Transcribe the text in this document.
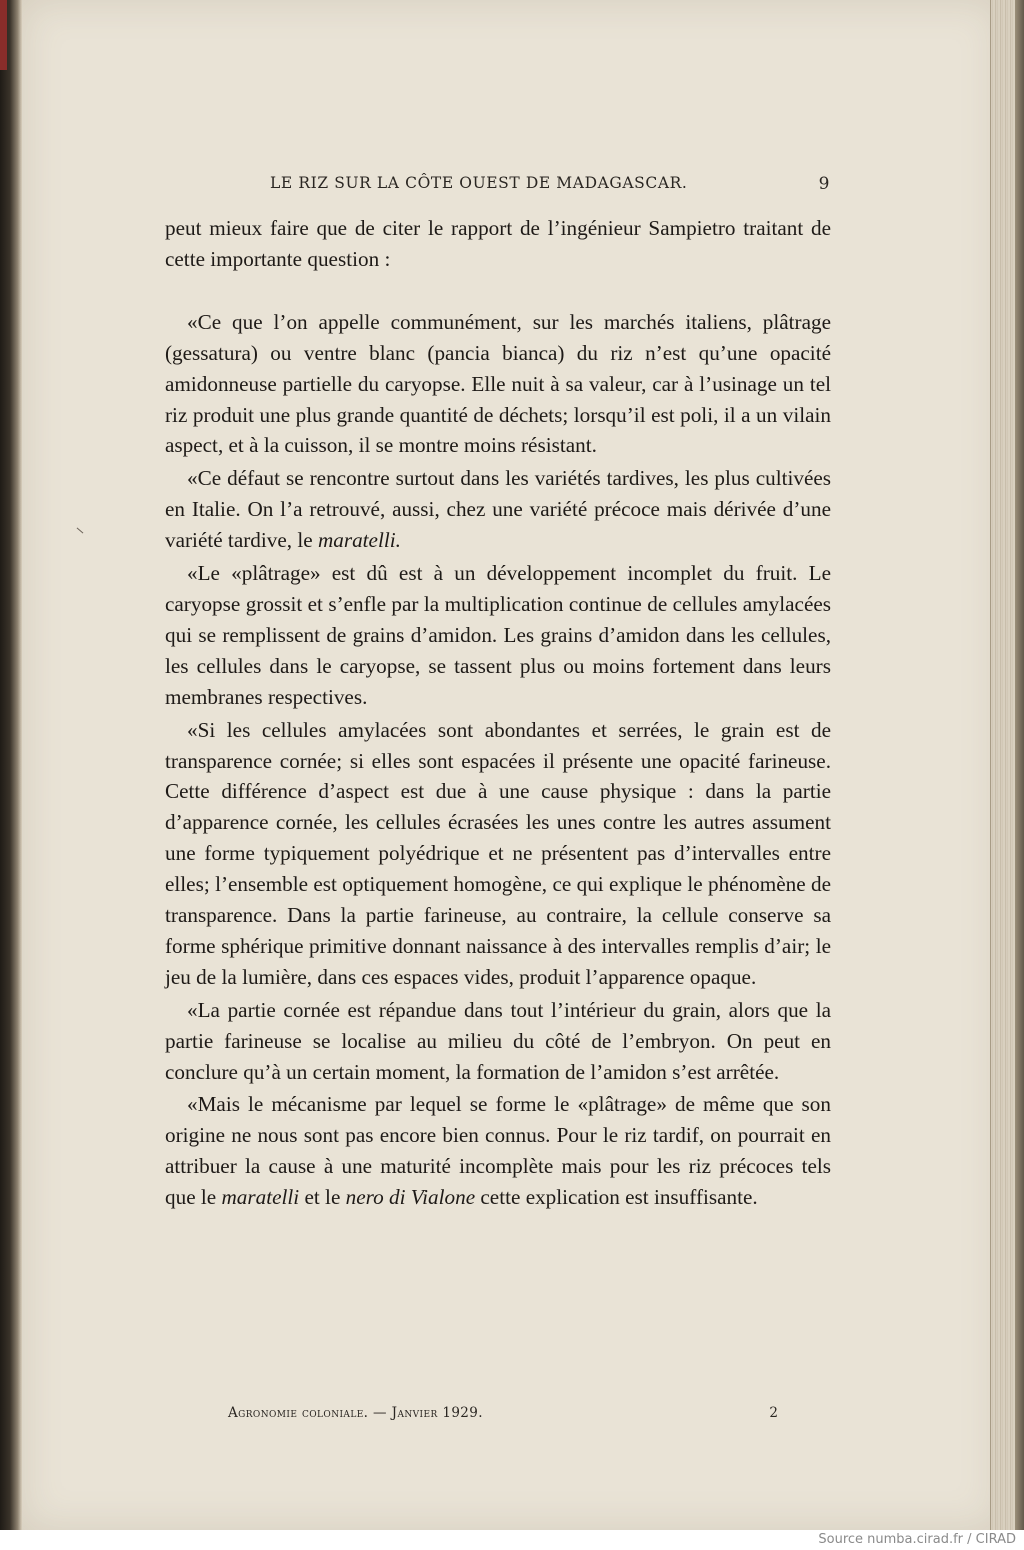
LE RIZ SUR LA CÔTE OUEST DE MADAGASCAR.	9

peut mieux faire que de citer le rapport de l’ingénieur Sampietro traitant de cette importante question :

«Ce que l’on appelle communément, sur les marchés italiens, plâtrage (gessatura) ou ventre blanc (pancia bianca) du riz n’est qu’une opacité amidonneuse partielle du caryopse. Elle nuit à sa valeur, car à l’usinage un tel riz produit une plus grande quantité de déchets; lorsqu’il est poli, il a un vilain aspect, et à la cuisson, il se montre moins résistant.

«Ce défaut se rencontre surtout dans les variétés tardives, les plus cultivées en Italie. On l’a retrouvé, aussi, chez une variété précoce mais dérivée d’une variété tardive, le maratelli.

«Le «plâtrage» est dû est à un développement incomplet du fruit. Le caryopse grossit et s’enfle par la multiplication continue de cellules amylacées qui se remplissent de grains d’amidon. Les grains d’amidon dans les cellules, les cellules dans le caryopse, se tassent plus ou moins fortement dans leurs membranes respectives.

«Si les cellules amylacées sont abondantes et serrées, le grain est de transparence cornée; si elles sont espacées il présente une opacité farineuse. Cette différence d’aspect est due à une cause physique : dans la partie d’apparence cornée, les cellules écrasées les unes contre les autres assument une forme typiquement polyédrique et ne présentent pas d’intervalles entre elles; l’ensemble est optiquement homogène, ce qui explique le phénomène de transparence. Dans la partie farineuse, au contraire, la cellule conserve sa forme sphérique primitive donnant naissance à des intervalles remplis d’air; le jeu de la lumière, dans ces espaces vides, produit l’apparence opaque.

«La partie cornée est répandue dans tout l’intérieur du grain, alors que la partie farineuse se localise au milieu du côté de l’embryon. On peut en conclure qu’à un certain moment, la formation de l’amidon s’est arrêtée.

«Mais le mécanisme par lequel se forme le «plâtrage» de même que son origine ne nous sont pas encore bien connus. Pour le riz tardif, on pourrait en attribuer la cause à une maturité incomplète mais pour les riz précoces tels que le maratelli et le nero di Vialone cette explication est insuffisante.

Agronomie coloniale. — Janvier 1929.	2
Source numba.cirad.fr / CIRAD
